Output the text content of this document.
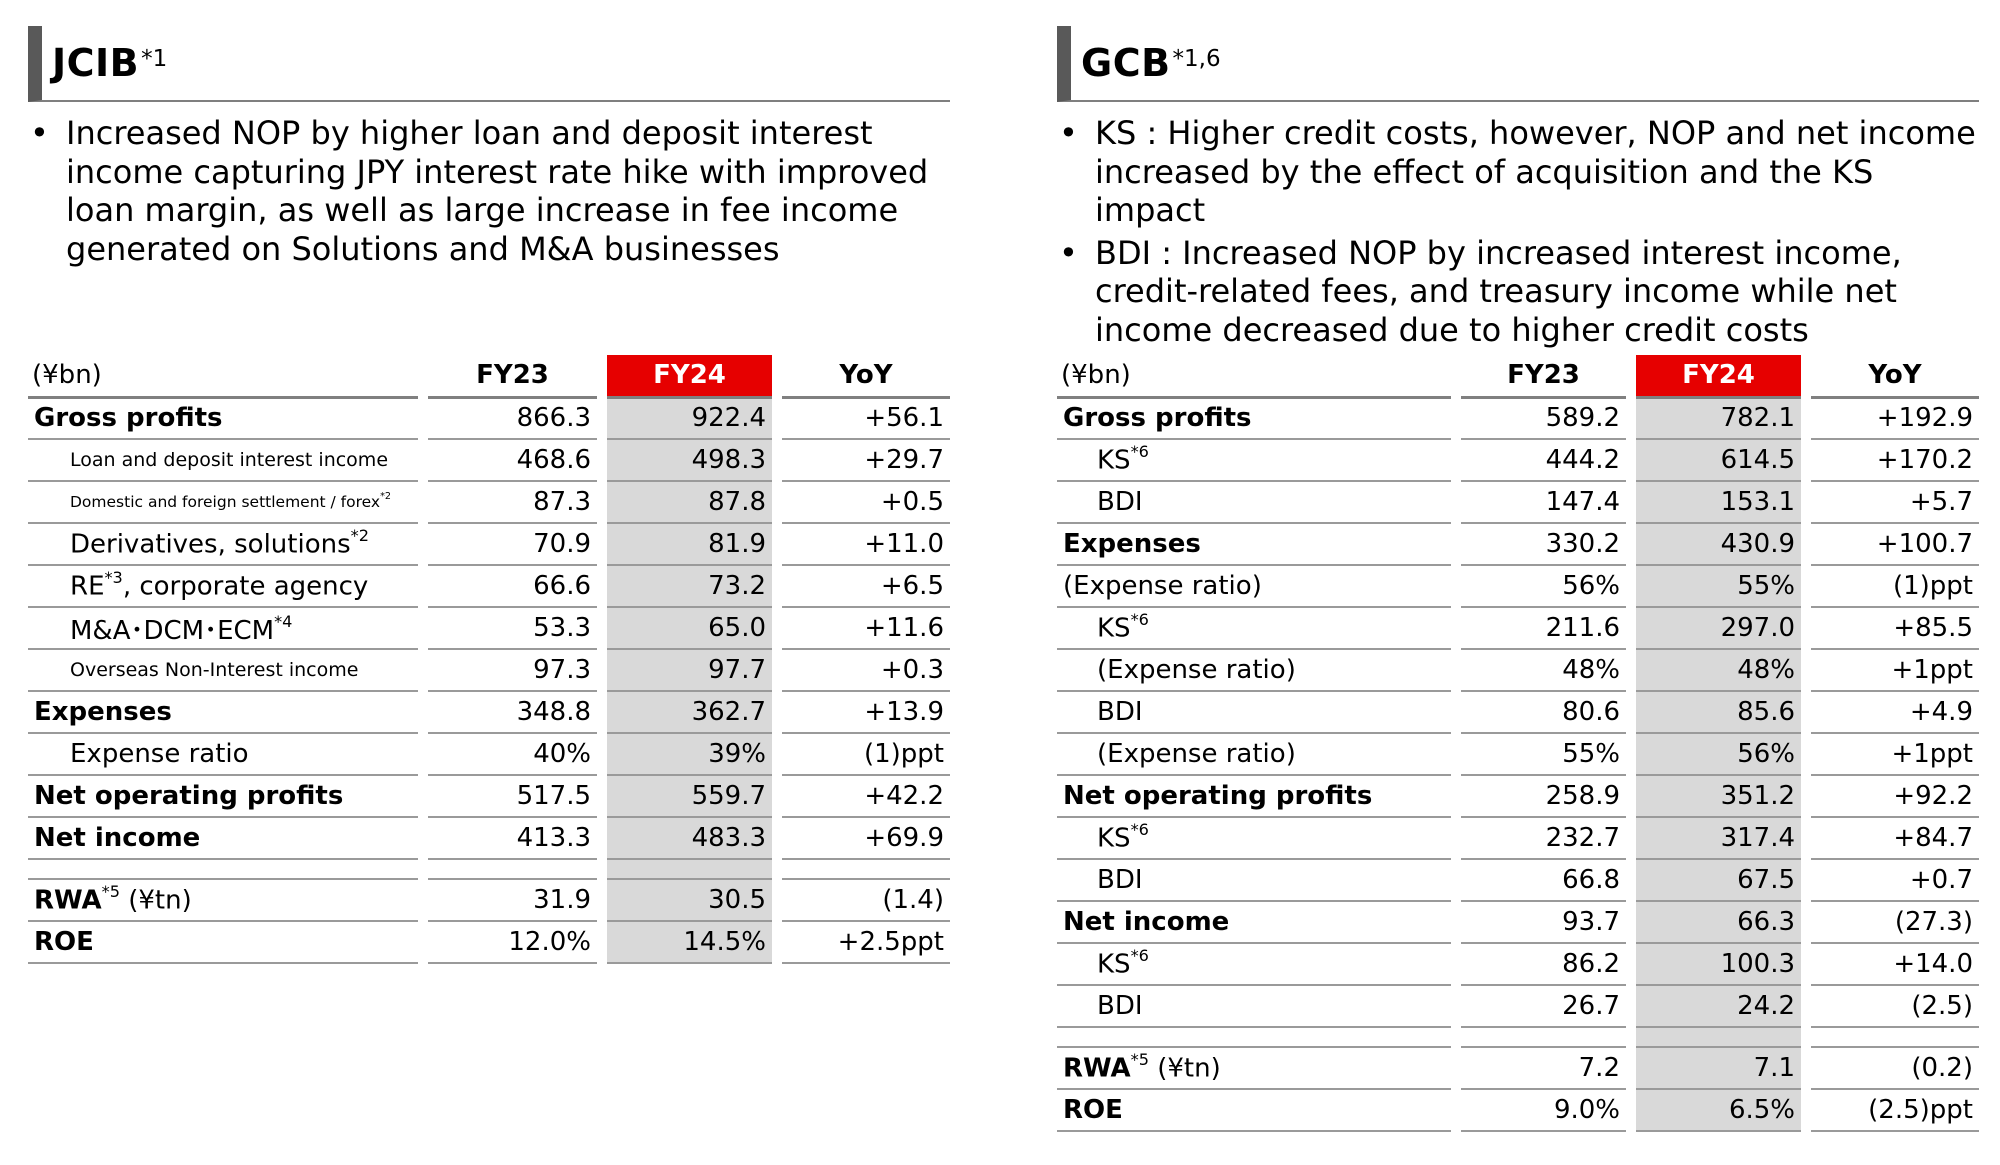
JCIB *1
• Increased NOP by higher loan and deposit interest income capturing JPY interest rate hike with improved loan margin, as well as large increase in fee income generated on Solutions and M&A businesses
(¥bn)		FY23		FY24		YoY
Gross profits		866.3		922.4		+56.1
Loan and deposit interest income		468.6		498.3		+29.7
Domestic and foreign settlement / forex$^{*2}$		87.3		87.8		+0.5
Derivatives, solutions$^{*2}$		70.9		81.9		+11.0
RE$^{*3}$, corporate agency		66.6		73.2		+6.5
M&A･DCM･ECM$^{*4}$		53.3		65.0		+11.6
Overseas Non-Interest income		97.3		97.7		+0.3
Expenses		348.8		362.7		+13.9
Expense ratio		40%		39%		(1)ppt
Net operating profits		517.5		559.7		+42.2
Net income		413.3		483.3		+69.9

RWA$^{*5}$ (¥tn)		31.9		30.5		(1.4)
ROE		12.0%		14.5%		+2.5ppt
GCB *1,6
• KS : Higher credit costs, however, NOP and net income increased by the effect of acquisition and the KS impact
• BDI : Increased NOP by increased interest income, credit-related fees, and treasury income while net income decreased due to higher credit costs
(¥bn)		FY23		FY24		YoY
Gross profits		589.2		782.1		+192.9
KS$^{*6}$		444.2		614.5		+170.2
BDI		147.4		153.1		+5.7
Expenses		330.2		430.9		+100.7
(Expense ratio)		56%		55%		(1)ppt
KS$^{*6}$		211.6		297.0		+85.5
(Expense ratio)		48%		48%		+1ppt
BDI		80.6		85.6		+4.9
(Expense ratio)		55%		56%		+1ppt
Net operating profits		258.9		351.2		+92.2
KS$^{*6}$		232.7		317.4		+84.7
BDI		66.8		67.5		+0.7
Net income		93.7		66.3		(27.3)
KS$^{*6}$		86.2		100.3		+14.0
BDI		26.7		24.2		(2.5)

RWA$^{*5}$ (¥tn)		7.2		7.1		(0.2)
ROE		9.0%		6.5%		(2.5)ppt
